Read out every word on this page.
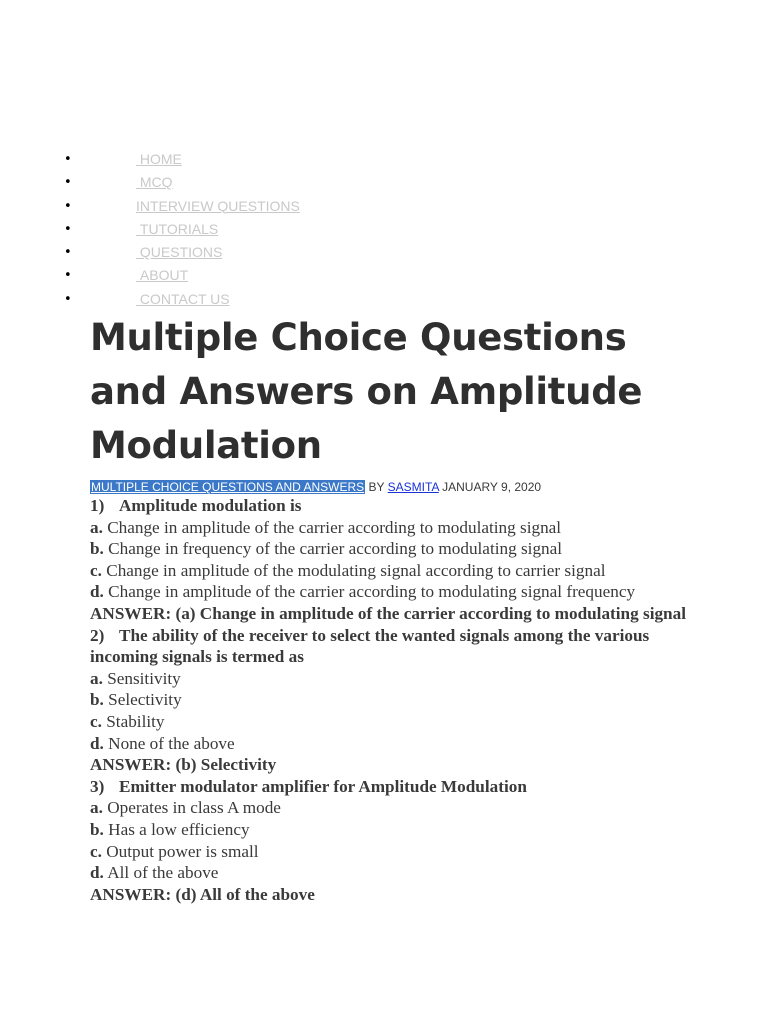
•	HOME
•	MCQ
•	INTERVIEW QUESTIONS
•	TUTORIALS
•	QUESTIONS
•	ABOUT
•	CONTACT US
Multiple Choice Questions and Answers on Amplitude Modulation
MULTIPLE CHOICE QUESTIONS AND ANSWERS BY SASMITA JANUARY 9, 2020

1) Amplitude modulation is

a. Change in amplitude of the carrier according to modulating signal

b. Change in frequency of the carrier according to modulating signal

c. Change in amplitude of the modulating signal according to carrier signal

d. Change in amplitude of the carrier according to modulating signal frequency

ANSWER: (a) Change in amplitude of the carrier according to modulating signal

2) The ability of the receiver to select the wanted signals among the various incoming signals is termed as

a. Sensitivity

b. Selectivity

c. Stability

d. None of the above

ANSWER: (b) Selectivity

3) Emitter modulator amplifier for Amplitude Modulation

a. Operates in class A mode

b. Has a low efficiency

c. Output power is small

d. All of the above

ANSWER: (d) All of the above
